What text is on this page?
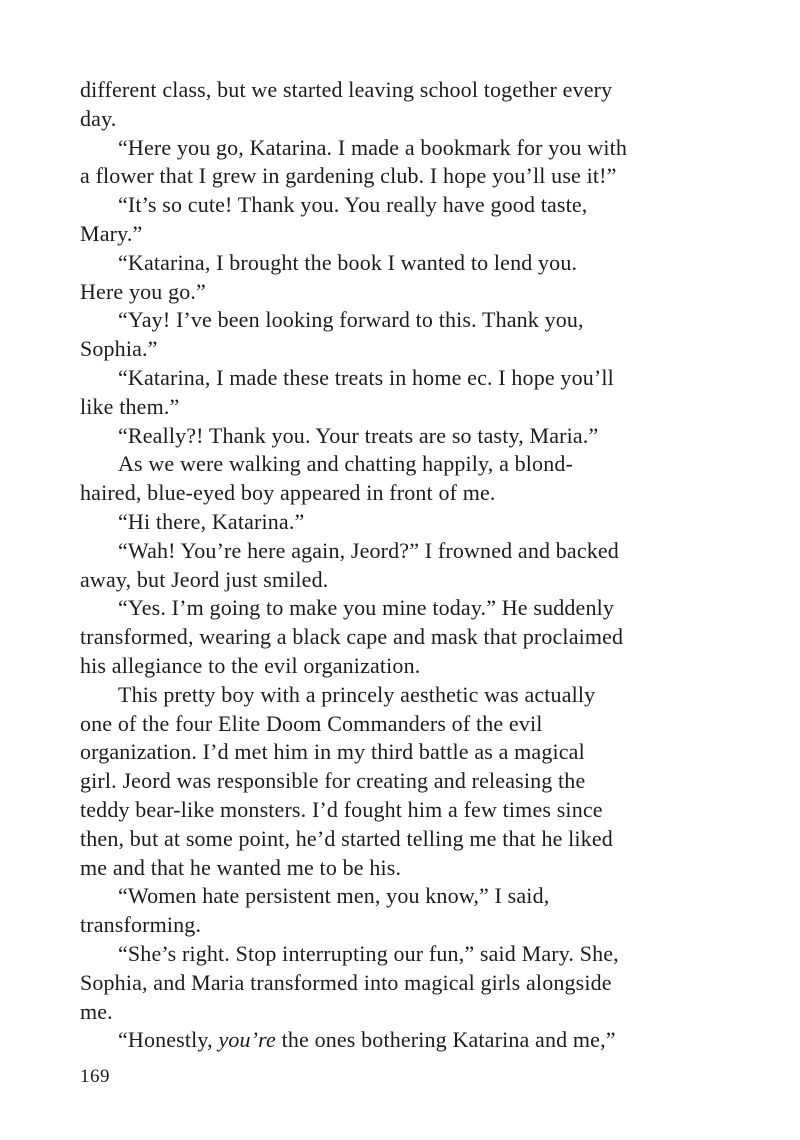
different class, but we started leaving school together every
day.
“Here you go, Katarina. I made a bookmark for you with
a flower that I grew in gardening club. I hope you’ll use it!”
“It’s so cute! Thank you. You really have good taste,
Mary.”
“Katarina, I brought the book I wanted to lend you.
Here you go.”
“Yay! I’ve been looking forward to this. Thank you,
Sophia.”
“Katarina, I made these treats in home ec. I hope you’ll
like them.”
“Really?! Thank you. Your treats are so tasty, Maria.”
As we were walking and chatting happily, a blond-
haired, blue-eyed boy appeared in front of me.
“Hi there, Katarina.”
“Wah! You’re here again, Jeord?” I frowned and backed
away, but Jeord just smiled.
“Yes. I’m going to make you mine today.” He suddenly
transformed, wearing a black cape and mask that proclaimed
his allegiance to the evil organization.
This pretty boy with a princely aesthetic was actually
one of the four Elite Doom Commanders of the evil
organization. I’d met him in my third battle as a magical
girl. Jeord was responsible for creating and releasing the
teddy bear-like monsters. I’d fought him a few times since
then, but at some point, he’d started telling me that he liked
me and that he wanted me to be his.
“Women hate persistent men, you know,” I said,
transforming.
“She’s right. Stop interrupting our fun,” said Mary. She,
Sophia, and Maria transformed into magical girls alongside
me.
“Honestly, you’re the ones bothering Katarina and me,”
169
